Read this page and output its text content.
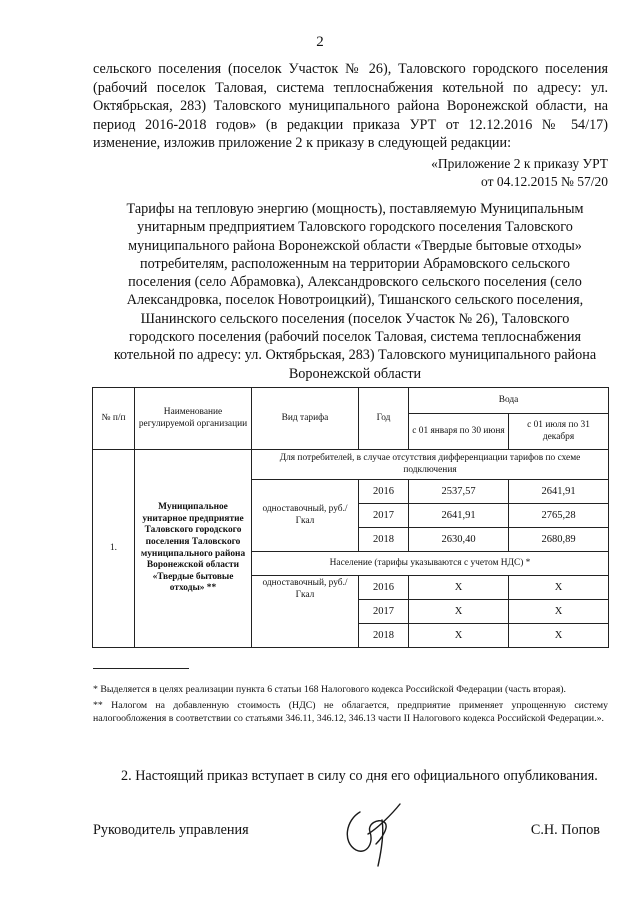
2

сельского поселения (поселок Участок № 26), Таловского городского поселения (рабочий поселок Таловая, система теплоснабжения котельной по адресу: ул. Октябрьская, 283) Таловского муниципального района Воронежской области, на период 2016-2018 годов» (в редакции приказа УРТ от 12.12.2016 № 54/17) изменение, изложив приложение 2 к приказу в следующей редакции:

«Приложение 2 к приказу УРТ
от 04.12.2015 № 57/20
Тарифы на тепловую энергию (мощность), поставляемую Муниципальным
унитарным предприятием Таловского городского поселения Таловского
муниципального района Воронежской области «Твердые бытовые отходы»
потребителям, расположенным на территории Абрамовского сельского
поселения (село Абрамовка), Александровского сельского поселения (село
Александровка, поселок Новотроицкий), Тишанского сельского поселения,
Шанинского сельского поселения (поселок Участок № 26), Таловского
городского поселения (рабочий поселок Таловая, система теплоснабжения
котельной по адресу: ул. Октябрьская, 283) Таловского муниципального района
Воронежской области
№ п/п	Наименование регулируемой организации	Вид тарифа	Год	Вода	
				с 01 января по 30 июня	с 01 июля по 31 декабря
1.	Муниципальное унитарное предприятие Таловского городского поселения Таловского муниципального района Воронежской области «Твердые бытовые отходы» **	Для потребителей, в случае отсутствия дифференциации тарифов по схеме подключения			
		одноставочный, руб./Гкал	2016	2537,57	2641,91
			2017	2641,91	2765,28
			2018	2630,40	2680,89
		Население (тарифы указываются с учетом НДС) *			
		одноставочный, руб./Гкал	2016	X	X
			2017	X	X
			2018	X	X

* Выделяется в целях реализации пункта 6 статьи 168 Налогового кодекса Российской Федерации (часть вторая).

** Налогом на добавленную стоимость (НДС) не облагается, предприятие применяет упрощенную систему налогообложения в соответствии со статьями 346.11, 346.12, 346.13 части II Налогового кодекса Российской Федерации.».

2. Настоящий приказ вступает в силу со дня его официального опубликования.

Руководитель управления	С.Н. Попов
